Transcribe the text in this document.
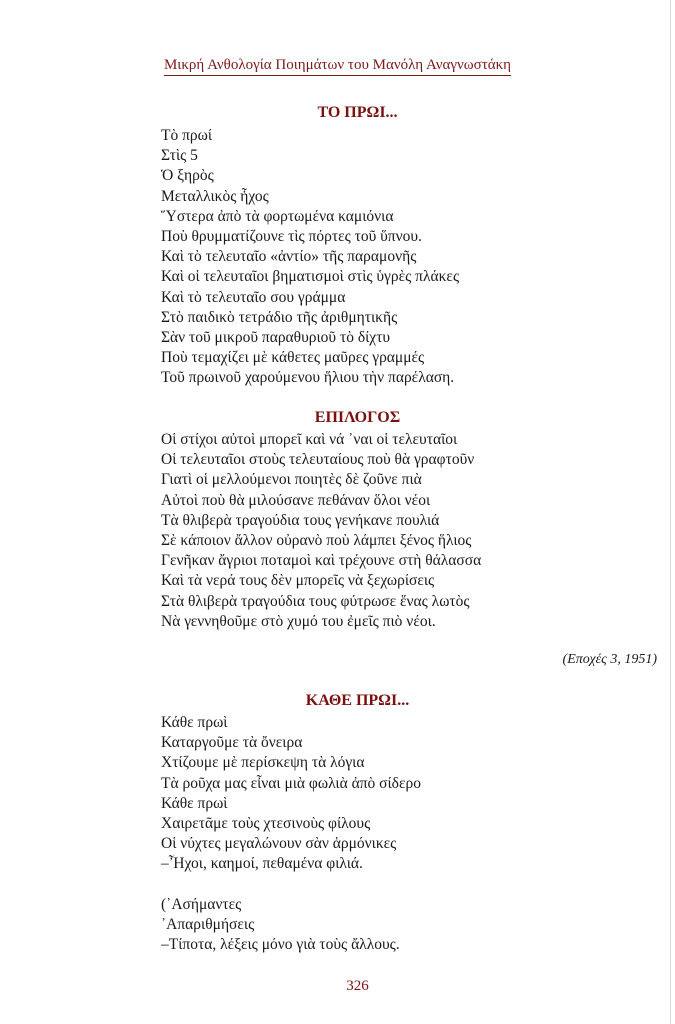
Μικρή Ανθολογία Ποιημάτων του Μανόλη Αναγνωστάκη
ΤΟ ΠΡΩΙ...
Τὸ πρωί
Στὶς 5
Ὁ ξηρὸς
Μεταλλικὸς ἦχος
Ὕστερα ἀπὸ τὰ φορτωμένα καμιόνια
Ποὺ θρυμματίζουνε τὶς πόρτες τοῦ ὕπνου.
Καὶ τὸ τελευταῖο «ἀντίο» τῆς παραμονῆς
Καὶ οἱ τελευταῖοι βηματισμοὶ στὶς ὑγρὲς πλάκες
Καὶ τὸ τελευταῖο σου γράμμα
Στὸ παιδικὸ τετράδιο τῆς ἀριθμητικῆς
Σὰν τοῦ μικροῦ παραθυριοῦ τὸ δίχτυ
Ποὺ τεμαχίζει μὲ κάθετες μαῦρες γραμμές
Τοῦ πρωινοῦ χαρούμενου ἥλιου τὴν παρέλαση.
ΕΠΙΛΟΓΟΣ
Οἱ στίχοι αὐτοὶ μπορεῖ καὶ νά ᾿ναι οἱ τελευταῖοι
Οἱ τελευταῖοι στοὺς τελευταίους ποὺ θὰ γραφτοῦν
Γιατὶ οἱ μελλούμενοι ποιητὲς δὲ ζοῦνε πιὰ
Αὐτοὶ ποὺ θὰ μιλούσανε πεθάναν ὅλοι νέοι
Τὰ θλιβερὰ τραγούδια τους γενήκανε πουλιά
Σὲ κάποιον ἄλλον οὐρανὸ ποὺ λάμπει ξένος ἥλιος
Γενῆκαν ἄγριοι ποταμοὶ καὶ τρέχουνε στὴ θάλασσα
Καὶ τὰ νερά τους δὲν μπορεῖς νὰ ξεχωρίσεις
Στὰ θλιβερὰ τραγούδια τους φύτρωσε ἕνας λωτὸς
Νὰ γεννηθοῦμε στὸ χυμό του ἐμεῖς πιὸ νέοι.
(Εποχές 3, 1951)
ΚΑΘΕ ΠΡΩΙ...
Κάθε πρωὶ
Καταργοῦμε τὰ ὄνειρα
Χτίζουμε μὲ περίσκεψη τὰ λόγια
Τὰ ροῦχα μας εἶναι μιὰ φωλιὰ ἀπὸ σίδερο
Κάθε πρωὶ
Χαιρετᾶμε τοὺς χτεσινοὺς φίλους
Οἱ νύχτες μεγαλώνουν σὰν ἁρμόνικες
–Ἦχοι, καημοί, πεθαμένα φιλιά.
(᾿Ασήμαντες
᾿Απαριθμήσεις
–Τίποτα, λέξεις μόνο γιὰ τοὺς ἄλλους.
326
